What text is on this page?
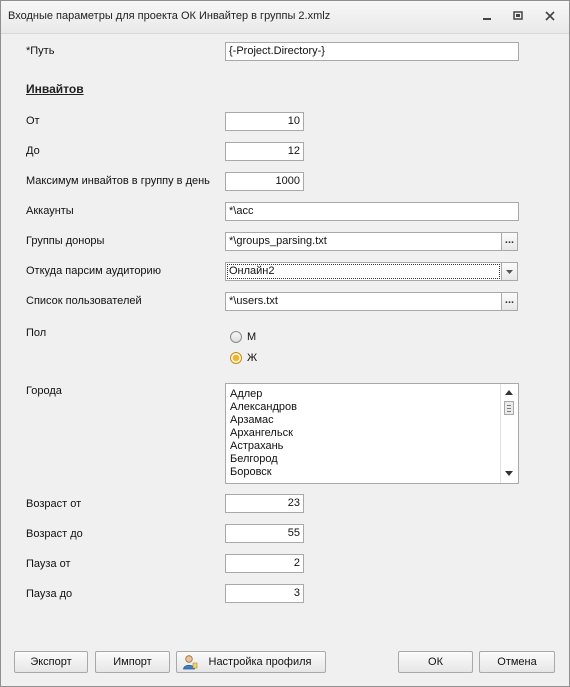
Входные параметры для проекта ОК Инвайтер в группы 2.xmlz
*Путь	{-Project.Directory-}
Инвайтов
От	10
До	12
Максимум инвайтов в группу в день	1000
Аккаунты	*\acc
Группы доноры	*\groups_parsing.txt	...
Откуда парсим аудиторию	Онлайн2
Список пользователей	*\users.txt	...
Пол	М
Ж
Города	Адлер
Александров
Арзамас
Архангельск
Астрахань
Белгород
Боровск
Возраст от	23
Возраст до	55
Пауза от	2
Пауза до	3
Экспорт	Импорт	Настройка профиля	ОК	Отмена
